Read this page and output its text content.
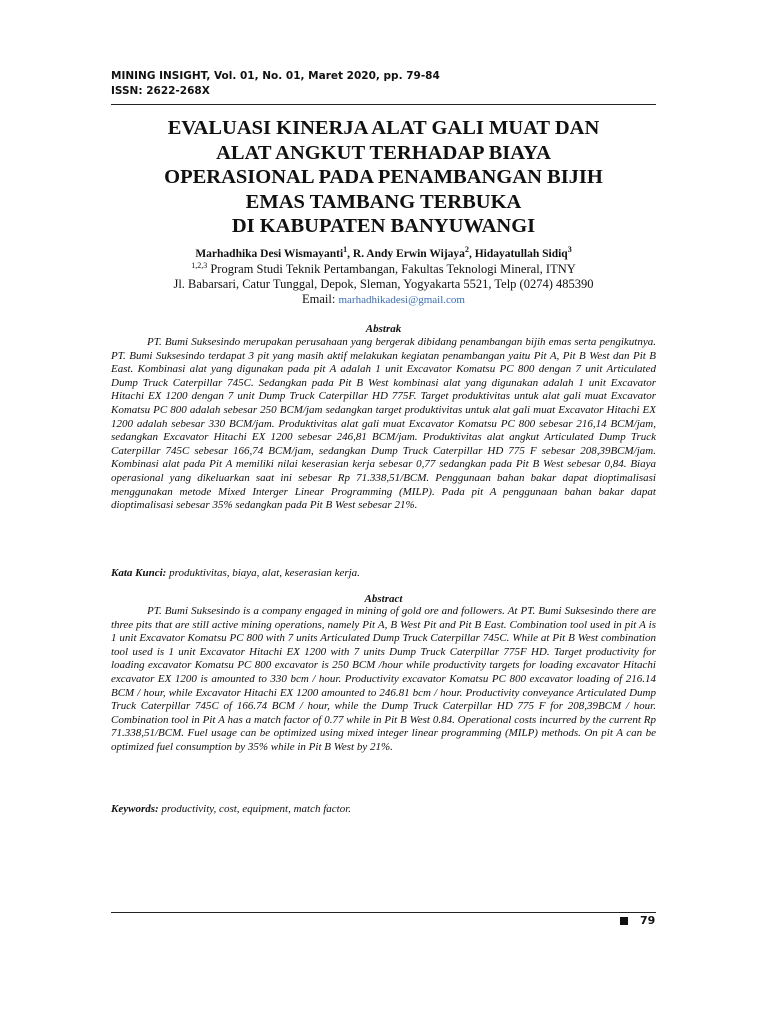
MINING INSIGHT, Vol. 01, No. 01, Maret 2020, pp. 79-84
ISSN: 2622-268X
EVALUASI KINERJA ALAT GALI MUAT DAN
ALAT ANGKUT TERHADAP BIAYA
OPERASIONAL PADA PENAMBANGAN BIJIH
EMAS TAMBANG TERBUKA
DI KABUPATEN BANYUWANGI
Marhadhika Desi Wismayanti$^1$, R. Andy Erwin Wijaya$^2$, Hidayatullah Sidiq$^3$
$^{1,2,3}$ Program Studi Teknik Pertambangan, Fakultas Teknologi Mineral, ITNY
Jl. Babarsari, Catur Tunggal, Depok, Sleman, Yogyakarta 5521, Telp (0274) 485390
Email: marhadhikadesi@gmail.com
Abstrak

PT. Bumi Suksesindo merupakan perusahaan yang bergerak dibidang penambangan bijih emas serta pengikutnya. PT. Bumi Suksesindo terdapat 3 pit yang masih aktif melakukan kegiatan penambangan yaitu Pit A, Pit B West dan Pit B East. Kombinasi alat yang digunakan pada pit A adalah 1 unit Excavator Komatsu PC 800 dengan 7 unit Articulated Dump Truck Caterpillar 745C. Sedangkan pada Pit B West kombinasi alat yang digunakan adalah 1 unit Excavator Hitachi EX 1200 dengan 7 unit Dump Truck Caterpillar HD 775F. Target produktivitas untuk alat gali muat Excavator Komatsu PC 800 adalah sebesar 250 BCM/jam sedangkan target produktivitas untuk alat gali muat Excavator Hitachi EX 1200 adalah sebesar 330 BCM/jam. Produktivitas alat gali muat Excavator Komatsu PC 800 sebesar 216,14 BCM/jam, sedangkan Excavator Hitachi EX 1200 sebesar 246,81 BCM/jam. Produktivitas alat angkut Articulated Dump Truck Caterpillar 745C sebesar 166,74 BCM/jam, sedangkan Dump Truck Caterpillar HD 775 F sebesar 208,39BCM/jam. Kombinasi alat pada Pit A memiliki nilai keserasian kerja sebesar 0,77 sedangkan pada Pit B West sebesar 0,84. Biaya operasional yang dikeluarkan saat ini sebesar Rp 71.338,51/BCM. Penggunaan bahan bakar dapat dioptimalisasi menggunakan metode Mixed Interger Linear Programming (MILP). Pada pit A penggunaan bahan bakar dapat dioptimalisasi sebesar 35% sedangkan pada Pit B West sebesar 21%.

Kata Kunci: produktivitas, biaya, alat, keserasian kerja.
Abstract

PT. Bumi Suksesindo is a company engaged in mining of gold ore and followers. At PT. Bumi Suksesindo there are three pits that are still active mining operations, namely Pit A, B West Pit and Pit B East. Combination tool used in pit A is 1 unit Excavator Komatsu PC 800 with 7 units Articulated Dump Truck Caterpillar 745C. While at Pit B West combination tool used is 1 unit Excavator Hitachi EX 1200 with 7 units Dump Truck Caterpillar 775F HD. Target productivity for loading excavator Komatsu PC 800 excavator is 250 BCM /hour while productivity targets for loading excavator Hitachi excavator EX 1200 is amounted to 330 bcm / hour. Productivity excavator Komatsu PC 800 excavator loading of 216.14 BCM / hour, while Excavator Hitachi EX 1200 amounted to 246.81 bcm / hour. Productivity conveyance Articulated Dump Truck Caterpillar 745C of 166.74 BCM / hour, while the Dump Truck Caterpillar HD 775 F for 208,39BCM / hour. Combination tool in Pit A has a match factor of 0.77 while in Pit B West 0.84. Operational costs incurred by the current Rp 71.338,51/BCM. Fuel usage can be optimized using mixed integer linear programming (MILP) methods. On pit A can be optimized fuel consumption by 35% while in Pit B West by 21%.

Keywords: productivity, cost, equipment, match factor.
79
